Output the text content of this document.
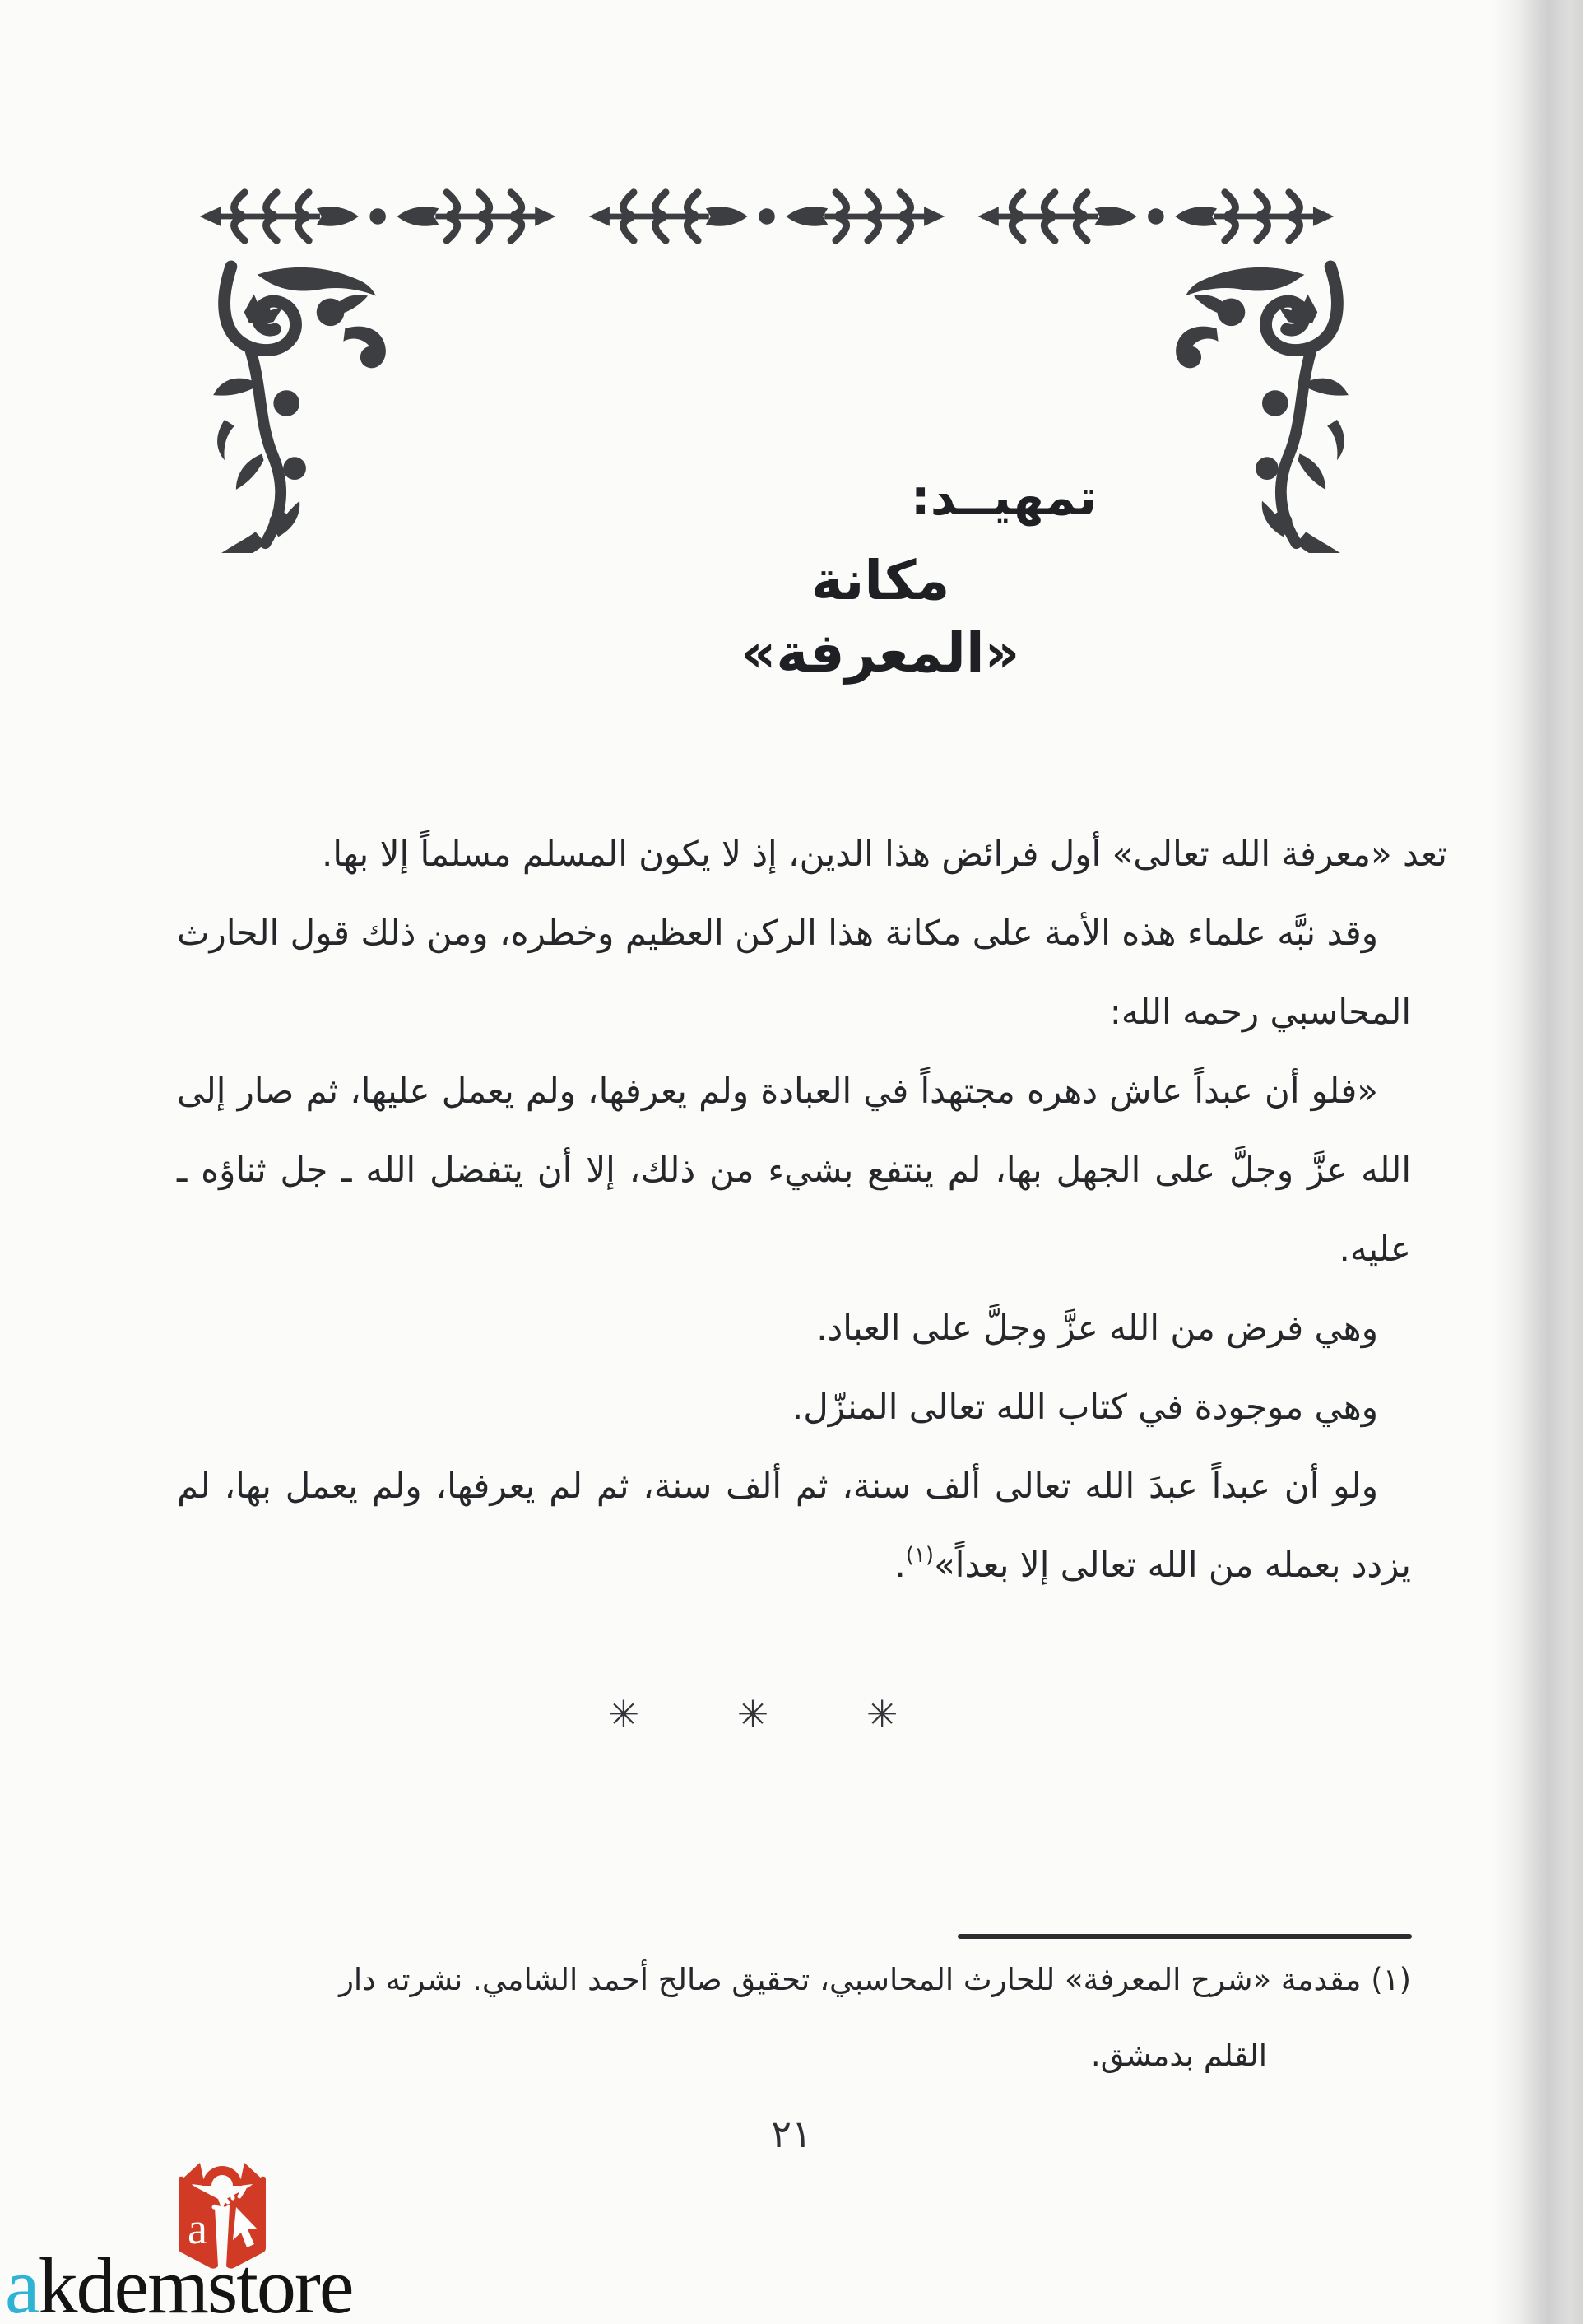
تمهيــد:
مكانة «المعرفة»

تعد «معرفة الله تعالى» أول فرائض هذا الدين، إذ لا يكون المسلم مسلماً إلا بها.

وقد نبَّه علماء هذه الأمة على مكانة هذا الركن العظيم وخطره، ومن ذلك قول الحارث المحاسبي رحمه الله:

«فلو أن عبداً عاش دهره مجتهداً في العبادة ولم يعرفها، ولم يعمل عليها، ثم صار إلى الله عزَّ وجلَّ على الجهل بها، لم ينتفع بشيء من ذلك، إلا أن يتفضل الله ـ جل ثناؤه ـ عليه.

وهي فرض من الله عزَّ وجلَّ على العباد.

وهي موجودة في كتاب الله تعالى المنزّل.

ولو أن عبداً عبدَ الله تعالى ألف سنة، ثم ألف سنة، ثم لم يعرفها، ولم يعمل بها، لم يزدد بعمله من الله تعالى إلا بعداً»$^{(١)}$.

✳ ✳ ✳
(١) مقدمة «شرح المعرفة» للحارث المحاسبي، تحقيق صالح أحمد الشامي. نشرته دار
القلم بدمشق.
٢١
a
akdemstore
